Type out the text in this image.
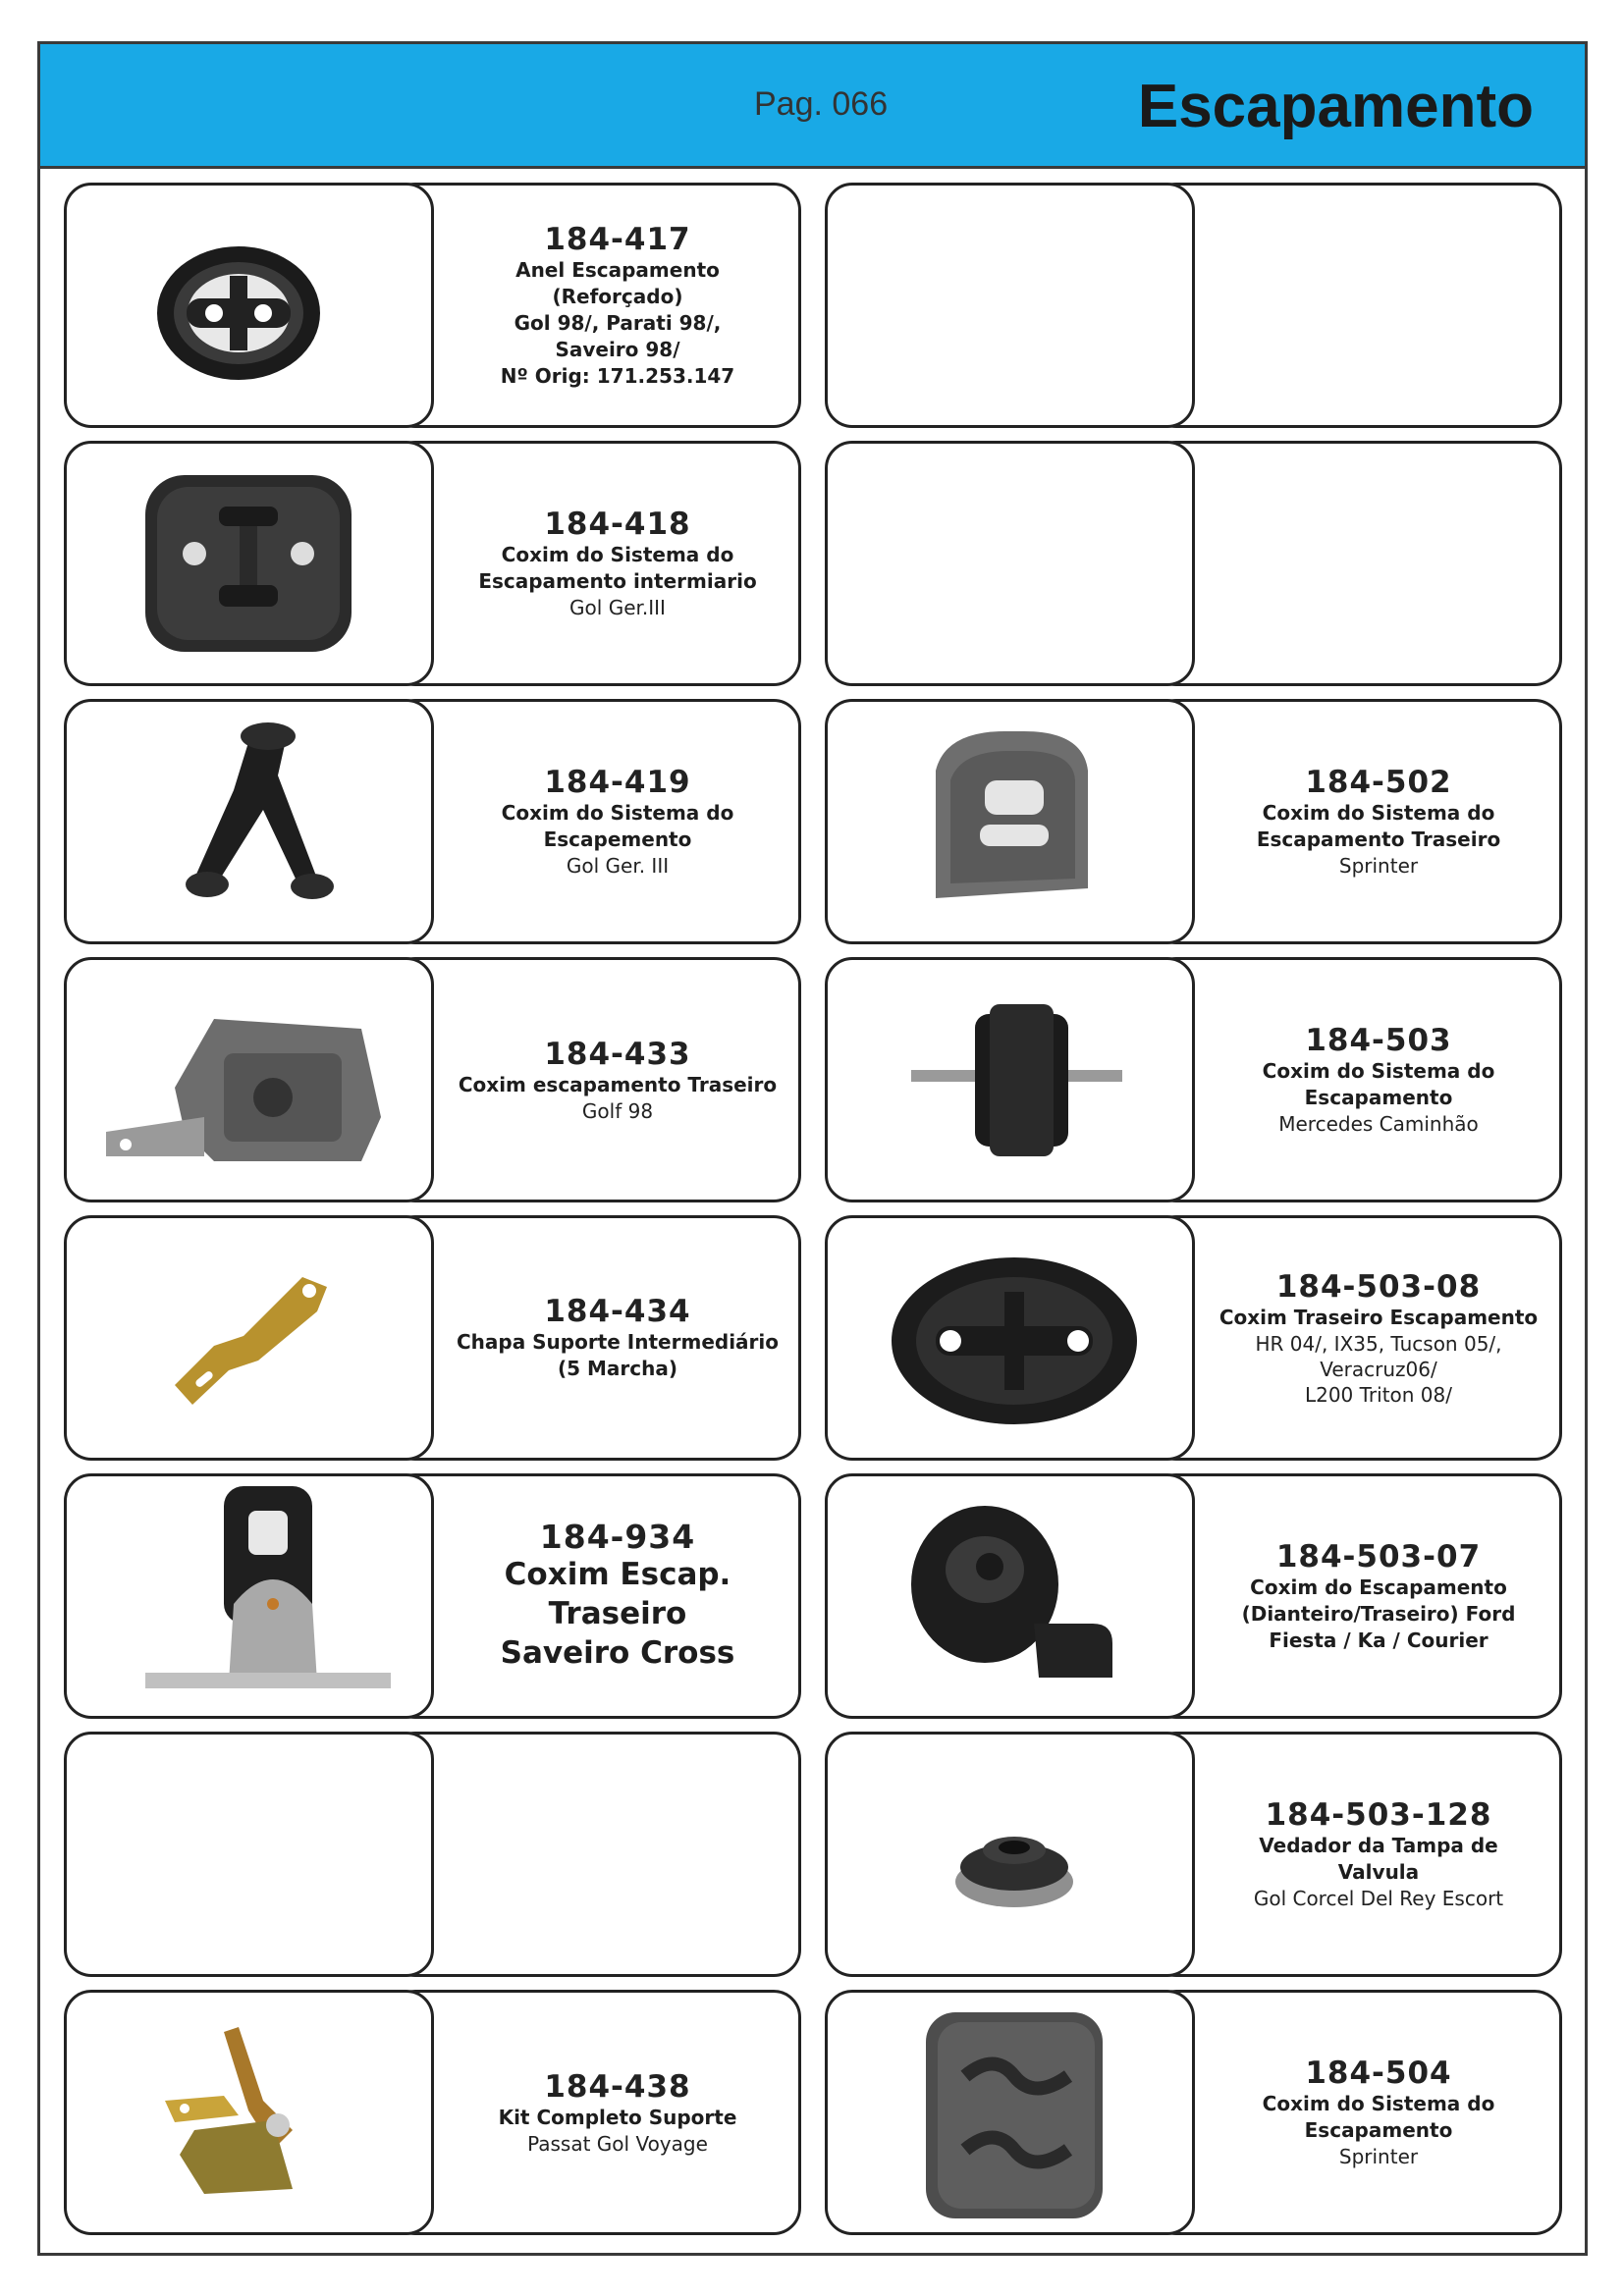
Pag. 066	Escapamento
184-417
Anel Escapamento
(Reforçado)
Gol 98/, Parati 98/,
Saveiro 98/
Nº Orig: 171.253.147
184-418
Coxim do Sistema do
Escapamento intermiario
Gol Ger.III
184-419
Coxim do Sistema do
Escapemento
Gol Ger. III
184-433
Coxim escapamento Traseiro
Golf 98
184-434
Chapa Suporte Intermediário
(5 Marcha)
184-934
Coxim Escap. Traseiro
Saveiro Cross
184-438
Kit Completo Suporte
Passat Gol Voyage
184-502
Coxim do Sistema do
Escapamento Traseiro
Sprinter
184-503
Coxim do Sistema do
Escapamento
Mercedes Caminhão
184-503-08
Coxim Traseiro Escapamento
HR 04/, IX35, Tucson 05/,
Veracruz06/
L200 Triton 08/
184-503-07
Coxim do Escapamento
(Dianteiro/Traseiro) Ford
Fiesta / Ka / Courier
184-503-128
Vedador da Tampa de
Valvula
Gol Corcel Del Rey Escort
184-504
Coxim do Sistema do
Escapamento
Sprinter
